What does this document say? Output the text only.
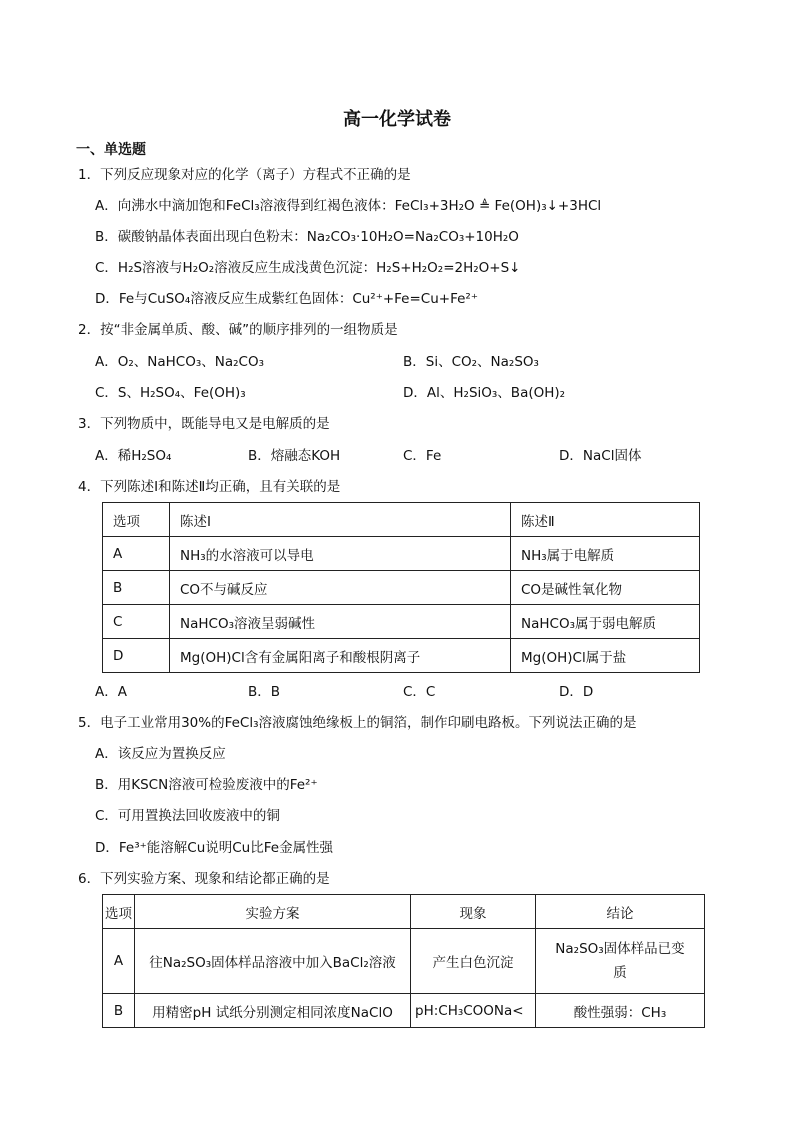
高一化学试卷
一、单选题
1．下列反应现象对应的化学（离子）方程式不正确的是
A．向沸水中滴加饱和FeCl₃溶液得到红褐色液体：FeCl₃+3H₂O ≜ Fe(OH)₃↓+3HCl
B．碳酸钠晶体表面出现白色粉末：Na₂CO₃·10H₂O=Na₂CO₃+10H₂O
C．H₂S溶液与H₂O₂溶液反应生成浅黄色沉淀：H₂S+H₂O₂=2H₂O+S↓
D．Fe与CuSO₄溶液反应生成紫红色固体：Cu²⁺+Fe=Cu+Fe²⁺
2．按“非金属单质、酸、碱”的顺序排列的一组物质是
A．O₂、NaHCO₃、Na₂CO₃	B．Si、CO₂、Na₂SO₃
C．S、H₂SO₄、Fe(OH)₃	D．Al、H₂SiO₃、Ba(OH)₂
3．下列物质中，既能导电又是电解质的是
A．稀H₂SO₄	B．熔融态KOH	C．Fe	D．NaCl固体
4．下列陈述Ⅰ和陈述Ⅱ均正确，且有关联的是
选项	陈述Ⅰ	陈述Ⅱ
A	NH₃的水溶液可以导电	NH₃属于电解质
B	CO不与碱反应	CO是碱性氧化物
C	NaHCO₃溶液呈弱碱性	NaHCO₃属于弱电解质
D	Mg(OH)Cl含有金属阳离子和酸根阴离子	Mg(OH)Cl属于盐
A．A	B．B	C．C	D．D
5．电子工业常用30%的FeCl₃溶液腐蚀绝缘板上的铜箔，制作印刷电路板。下列说法正确的是
A．该反应为置换反应
B．用KSCN溶液可检验废液中的Fe²⁺
C．可用置换法回收废液中的铜
D．Fe³⁺能溶解Cu说明Cu比Fe金属性强
6．下列实验方案、现象和结论都正确的是
选项	实验方案	现象	结论
A	往Na₂SO₃固体样品溶液中加入BaCl₂溶液	产生白色沉淀	Na₂SO₃固体样品已变
质

B	用精密pH 试纸分别测定相同浓度NaClO	pH:CH₃COONa<	酸性强弱：CH₃
